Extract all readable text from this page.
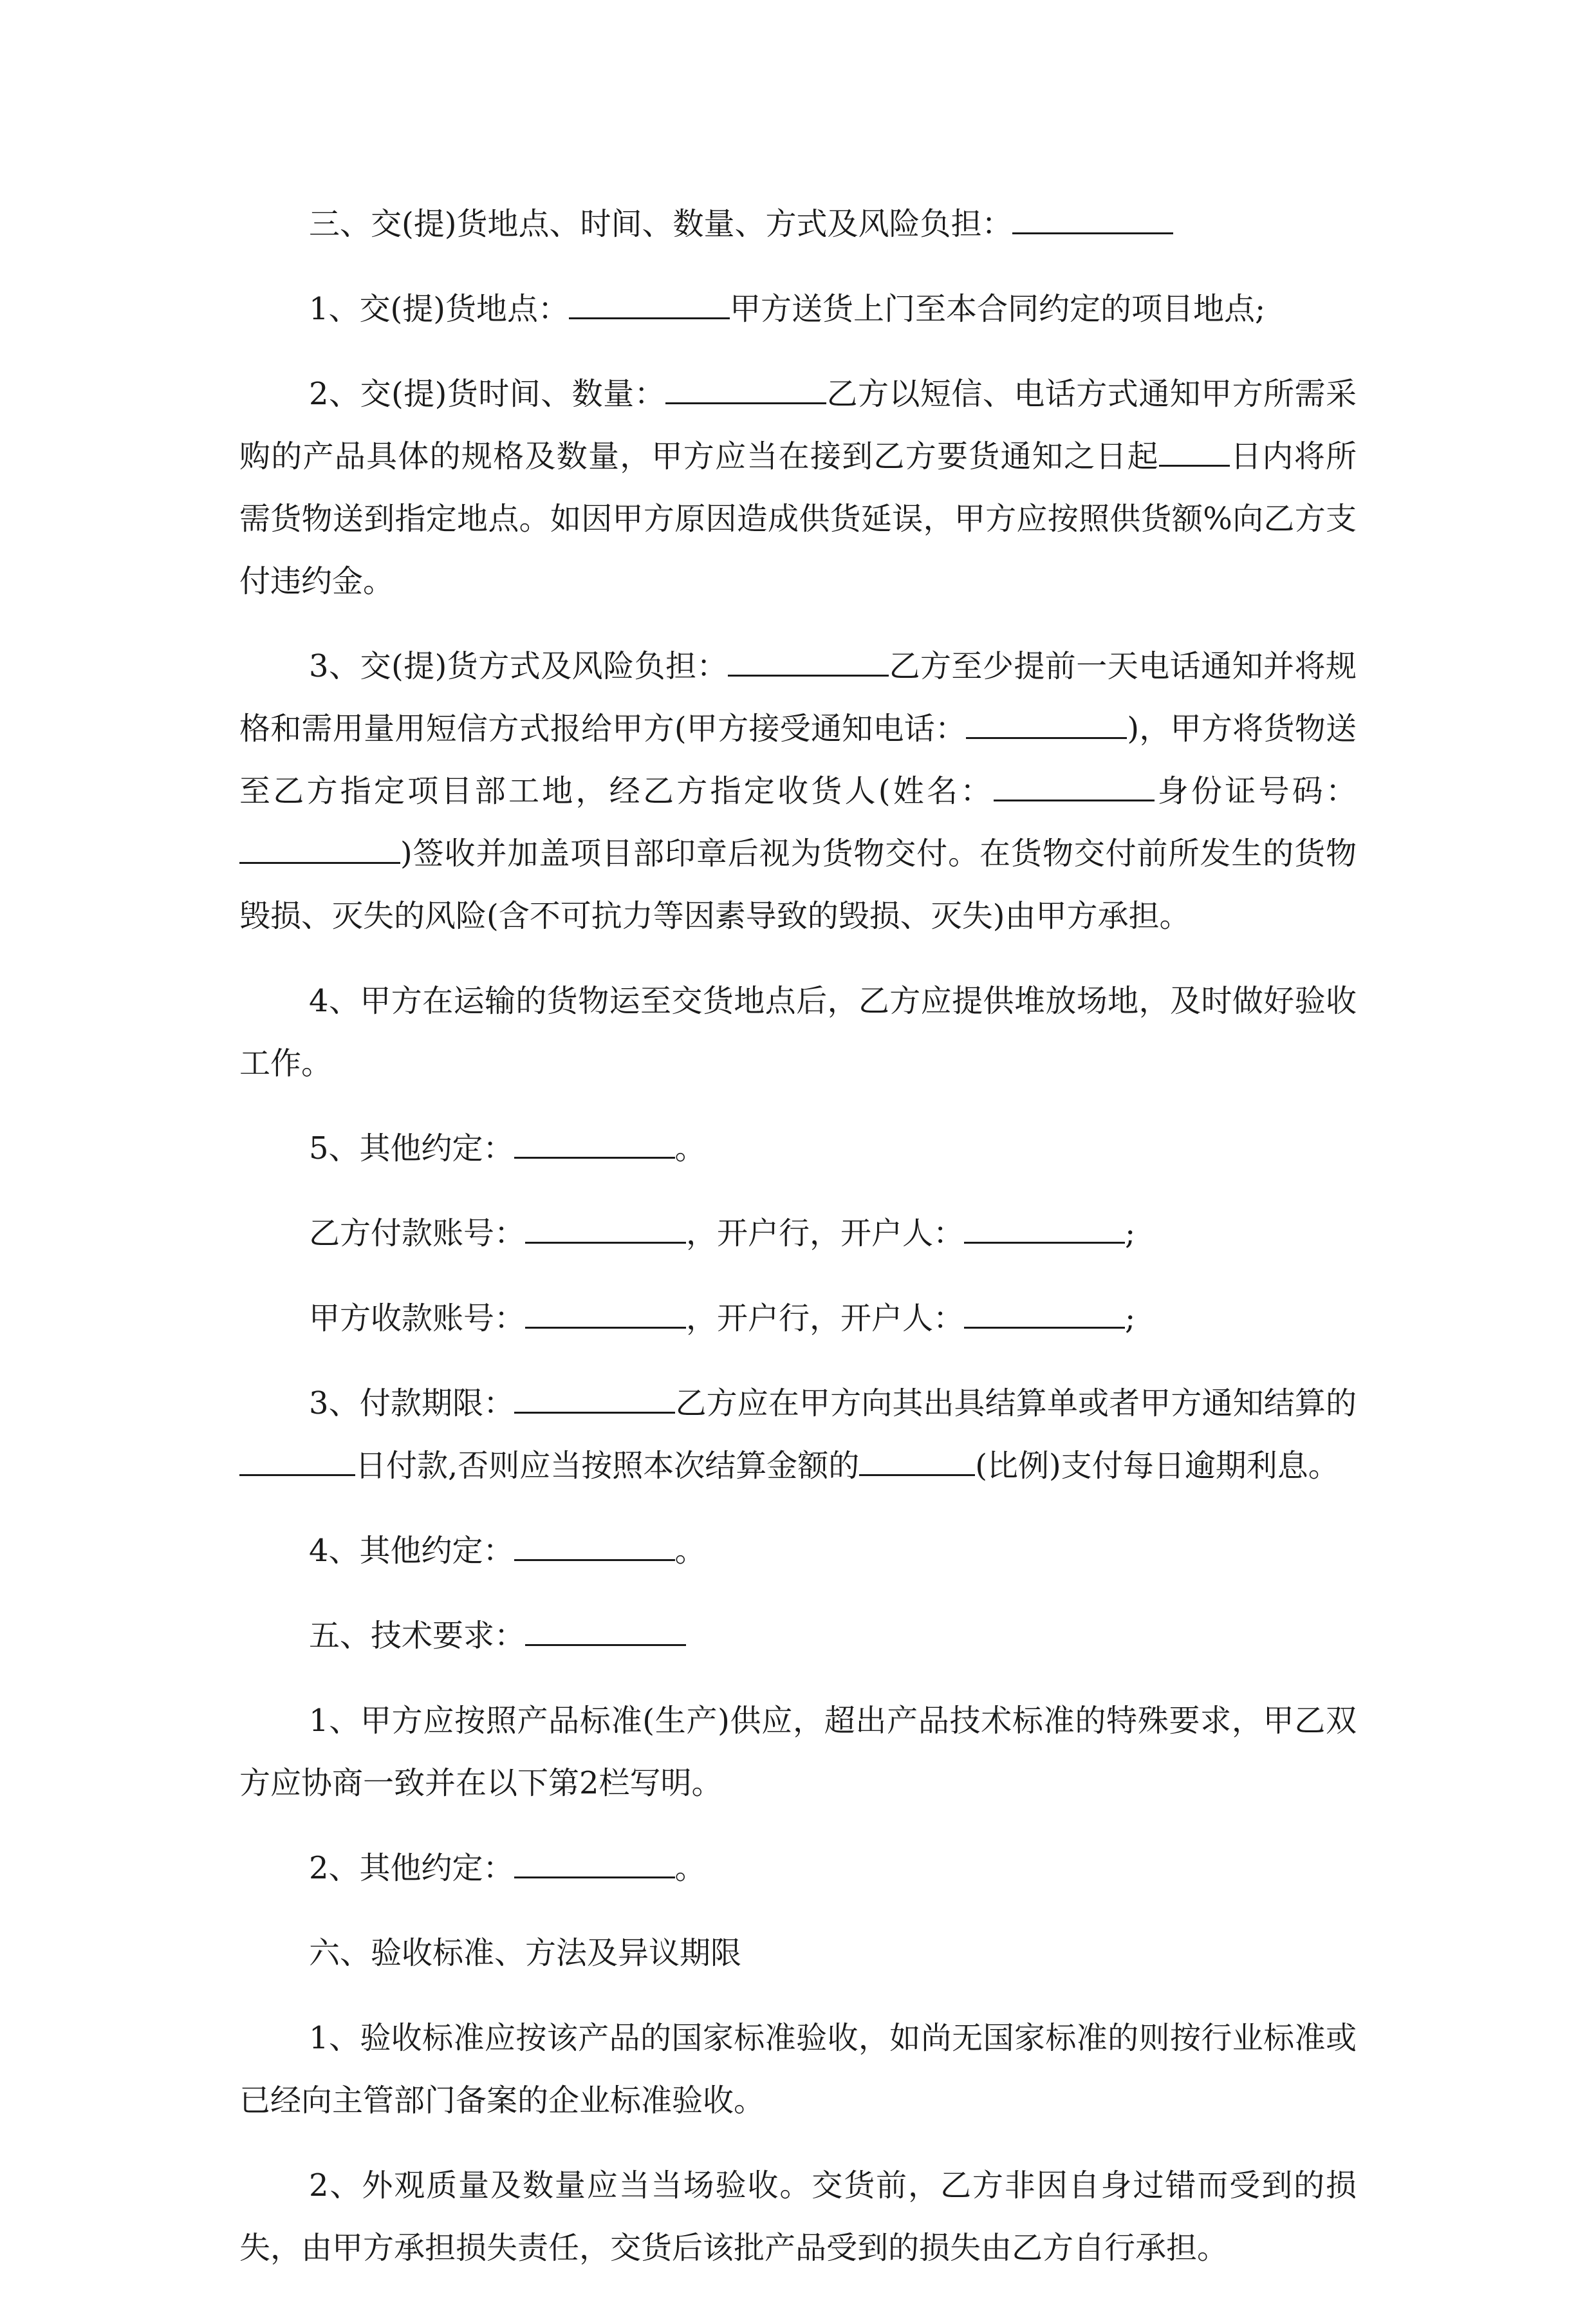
三、交(提)货地点、时间、数量、方式及风险负担：

1、交(提)货地点：	甲方送货上门至本合同约定的项目地点;

2、交(提)货时间、数量：	乙方以短信、电话方式通知甲方所需采购的产品具体的规格及数量，甲方应当在接到乙方要货通知之日起 日内将所需货物送到指定地点。如因甲方原因造成供货延误，甲方应按照供货额%向乙方支付违约金。

3、交(提)货方式及风险负担：	乙方至少提前一天电话通知并将规格和需用量用短信方式报给甲方(甲方接受通知电话：	)，甲方将货物送至乙方指定项目部工地，经乙方指定收货人(姓名：	身份证号码：)签收并加盖项目部印章后视为货物交付。在货物交付前所发生的货物毁损、灭失的风险(含不可抗力等因素导致的毁损、灭失)由甲方承担。

4、甲方在运输的货物运至交货地点后，乙方应提供堆放场地，及时做好验收工作。

5、其他约定：	。

乙方付款账号：	，开户行，开户人：	;

甲方收款账号：	，开户行，开户人：	;

3、付款期限：	乙方应在甲方向其出具结算单或者甲方通知结算的日付款,否则应当按照本次结算金额的	(比例)支付每日逾期利息。

4、其他约定：	。

五、技术要求：

1、甲方应按照产品标准(生产)供应，超出产品技术标准的特殊要求，甲乙双方应协商一致并在以下第2栏写明。

2、其他约定：	。

六、验收标准、方法及异议期限

1、验收标准应按该产品的国家标准验收，如尚无国家标准的则按行业标准或已经向主管部门备案的企业标准验收。

2、外观质量及数量应当当场验收。交货前，乙方非因自身过错而受到的损失，由甲方承担损失责任，交货后该批产品受到的损失由乙方自行承担。
